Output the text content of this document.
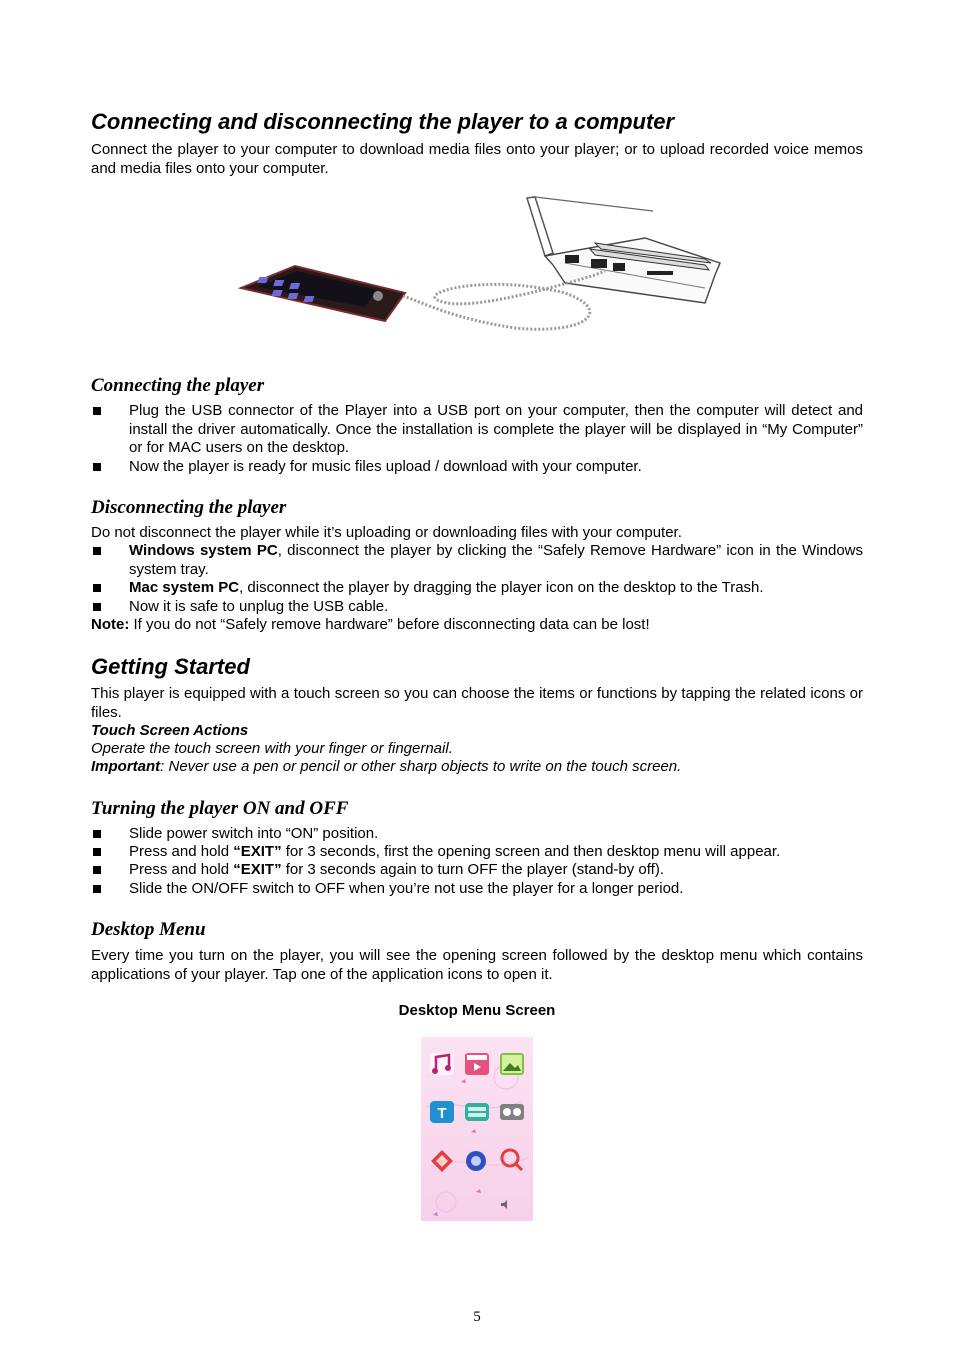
Connecting and disconnecting the player to a computer
Connect the player to your computer to download media files onto your player; or to upload recorded voice memos and media files onto your computer.
Connecting the player
Plug the USB connector of the Player into a USB port on your computer, then the computer will detect and install the driver automatically. Once the installation is complete the player will be displayed in “My Computer” or for MAC users on the desktop.
Now the player is ready for music files upload / download with your computer.
Disconnecting the player
Do not disconnect the player while it’s uploading or downloading files with your computer.
Windows system PC, disconnect the player by clicking the “Safely Remove Hardware” icon in the Windows system tray.
Mac system PC, disconnect the player by dragging the player icon on the desktop to the Trash.
Now it is safe to unplug the USB cable.
Note: If you do not “Safely remove hardware” before disconnecting data can be lost!
Getting Started
This player is equipped with a touch screen so you can choose the items or functions by tapping the related icons or files.
Touch Screen Actions
Operate the touch screen with your finger or fingernail.
Important: Never use a pen or pencil or other sharp objects to write on the touch screen.
Turning the player ON and OFF
Slide power switch into “ON” position.
Press and hold “EXIT” for 3 seconds, first the opening screen and then desktop menu will appear.
Press and hold “EXIT” for 3 seconds again to turn OFF the player (stand-by off).
Slide the ON/OFF switch to OFF when you’re not use the player for a longer period.
Desktop Menu
Every time you turn on the player, you will see the opening screen followed by the desktop menu which contains applications of your player. Tap one of the application icons to open it.
Desktop Menu Screen
T
5
